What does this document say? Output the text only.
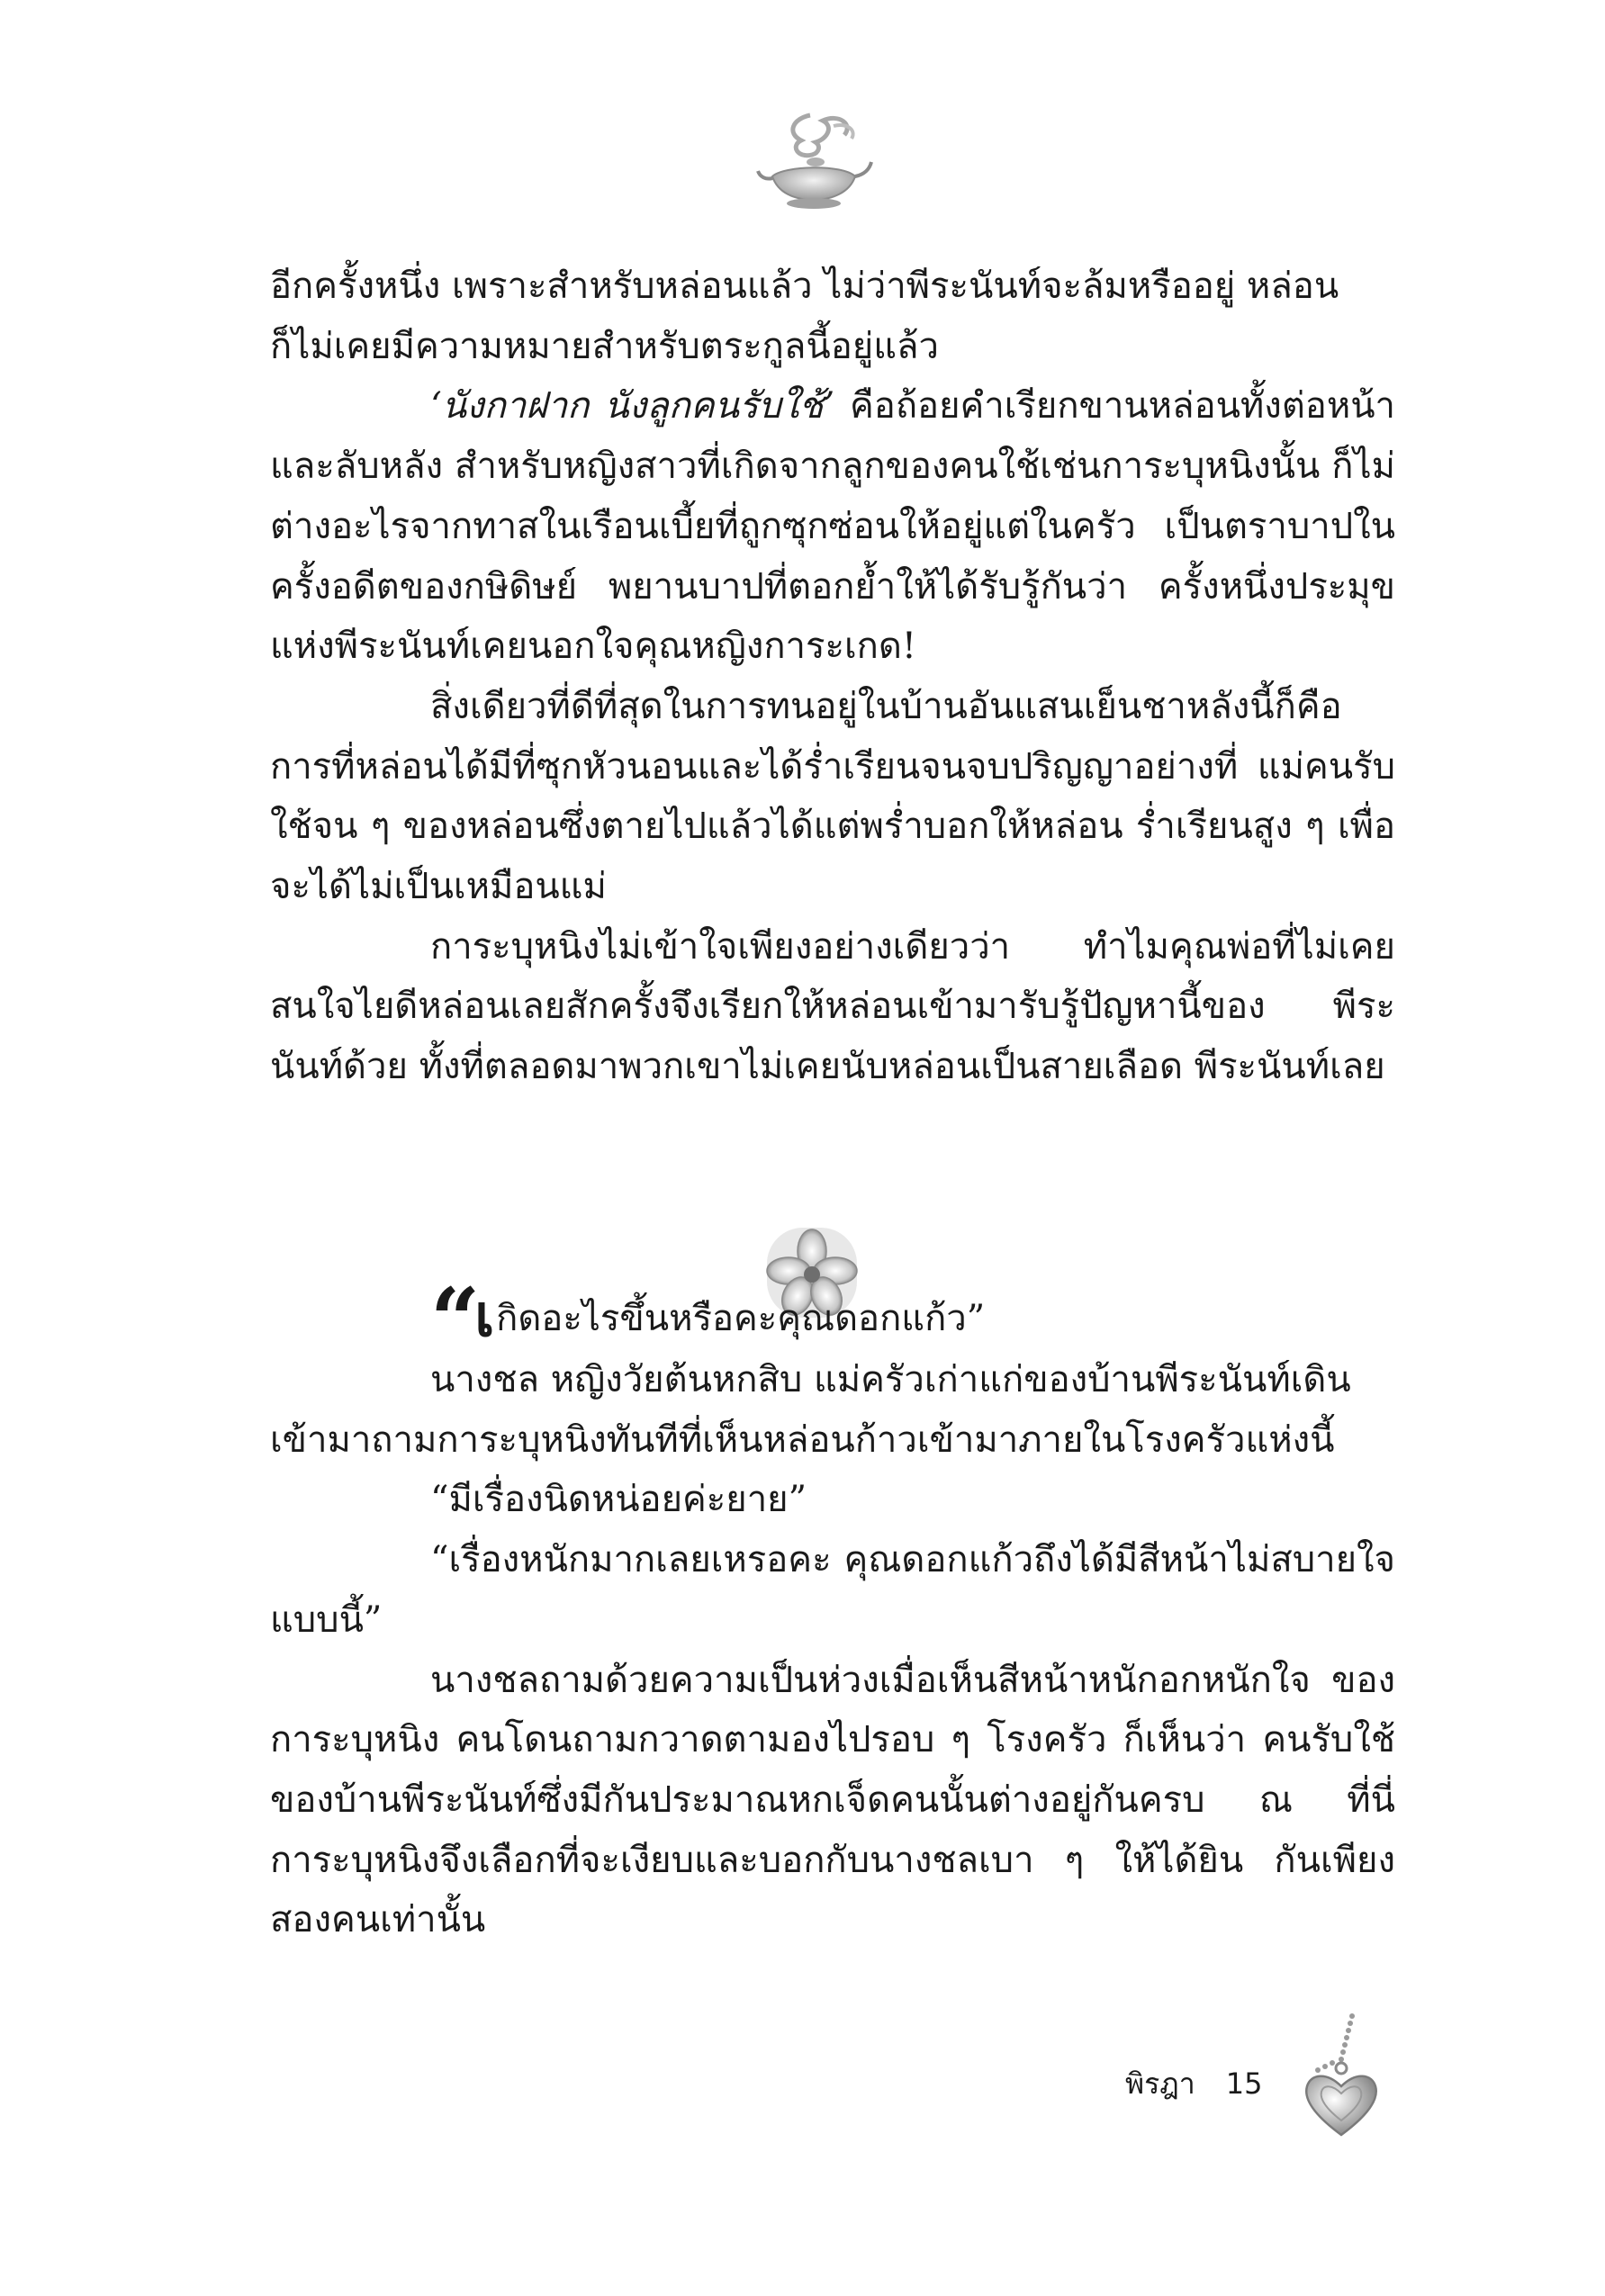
อีกครั้งหนึ่ง เพราะสำหรับหล่อนแล้ว ไม่ว่าพีระนันท์จะล้มหรืออยู่ หล่อน

ก็ไม่เคยมีความหมายสำหรับตระกูลนี้อยู่แล้ว

‘นังกาฝาก นังลูกคนรับใช้’ คือถ้อยคำเรียกขานหล่อนทั้งต่อหน้า และลับหลัง สำหรับหญิงสาวที่เกิดจากลูกของคนใช้เช่นการะบุหนิงนั้น ก็ไม่ต่างอะไรจากทาสในเรือนเบี้ยที่ถูกซุกซ่อนให้อยู่แต่ในครัว เป็นตราบาปในครั้งอดีตของกษิดิษย์ พยานบาปที่ตอกย้ำให้ได้รับรู้กันว่า ครั้งหนึ่งประมุขแห่งพีระนันท์เคยนอกใจคุณหญิงการะเกด!

สิ่งเดียวที่ดีที่สุดในการทนอยู่ในบ้านอันแสนเย็นชาหลังนี้ก็คือ การที่หล่อนได้มีที่ซุกหัวนอนและได้ร่ำเรียนจนจบปริญญาอย่างที่ แม่คนรับใช้จน ๆ ของหล่อนซึ่งตายไปแล้วได้แต่พร่ำบอกให้หล่อน ร่ำเรียนสูง ๆ เพื่อจะได้ไม่เป็นเหมือนแม่

การะบุหนิงไม่เข้าใจเพียงอย่างเดียวว่า ทำไมคุณพ่อที่ไม่เคย สนใจไยดีหล่อนเลยสักครั้งจึงเรียกให้หล่อนเข้ามารับรู้ปัญหานี้ของ พีระนันท์ด้วย ทั้งที่ตลอดมาพวกเขาไม่เคยนับหล่อนเป็นสายเลือด พีระนันท์เลย

“เกิดอะไรขึ้นหรือคะคุณดอกแก้ว”

นางชล หญิงวัยต้นหกสิบ แม่ครัวเก่าแก่ของบ้านพีระนันท์เดิน

เข้ามาถามการะบุหนิงทันทีที่เห็นหล่อนก้าวเข้ามาภายในโรงครัวแห่งนี้

“มีเรื่องนิดหน่อยค่ะยาย”

“เรื่องหนักมากเลยเหรอคะ คุณดอกแก้วถึงได้มีสีหน้าไม่สบายใจ แบบนี้”

นางชลถามด้วยความเป็นห่วงเมื่อเห็นสีหน้าหนักอกหนักใจ ของการะบุหนิง คนโดนถามกวาดตามองไปรอบ ๆ โรงครัว ก็เห็นว่า คนรับใช้ของบ้านพีระนันท์ซึ่งมีกันประมาณหกเจ็ดคนนั้นต่างอยู่กันครบ ณ ที่นี่ การะบุหนิงจึงเลือกที่จะเงียบและบอกกับนางชลเบา ๆ ให้ได้ยิน กันเพียงสองคนเท่านั้น

พิรฎา 15
